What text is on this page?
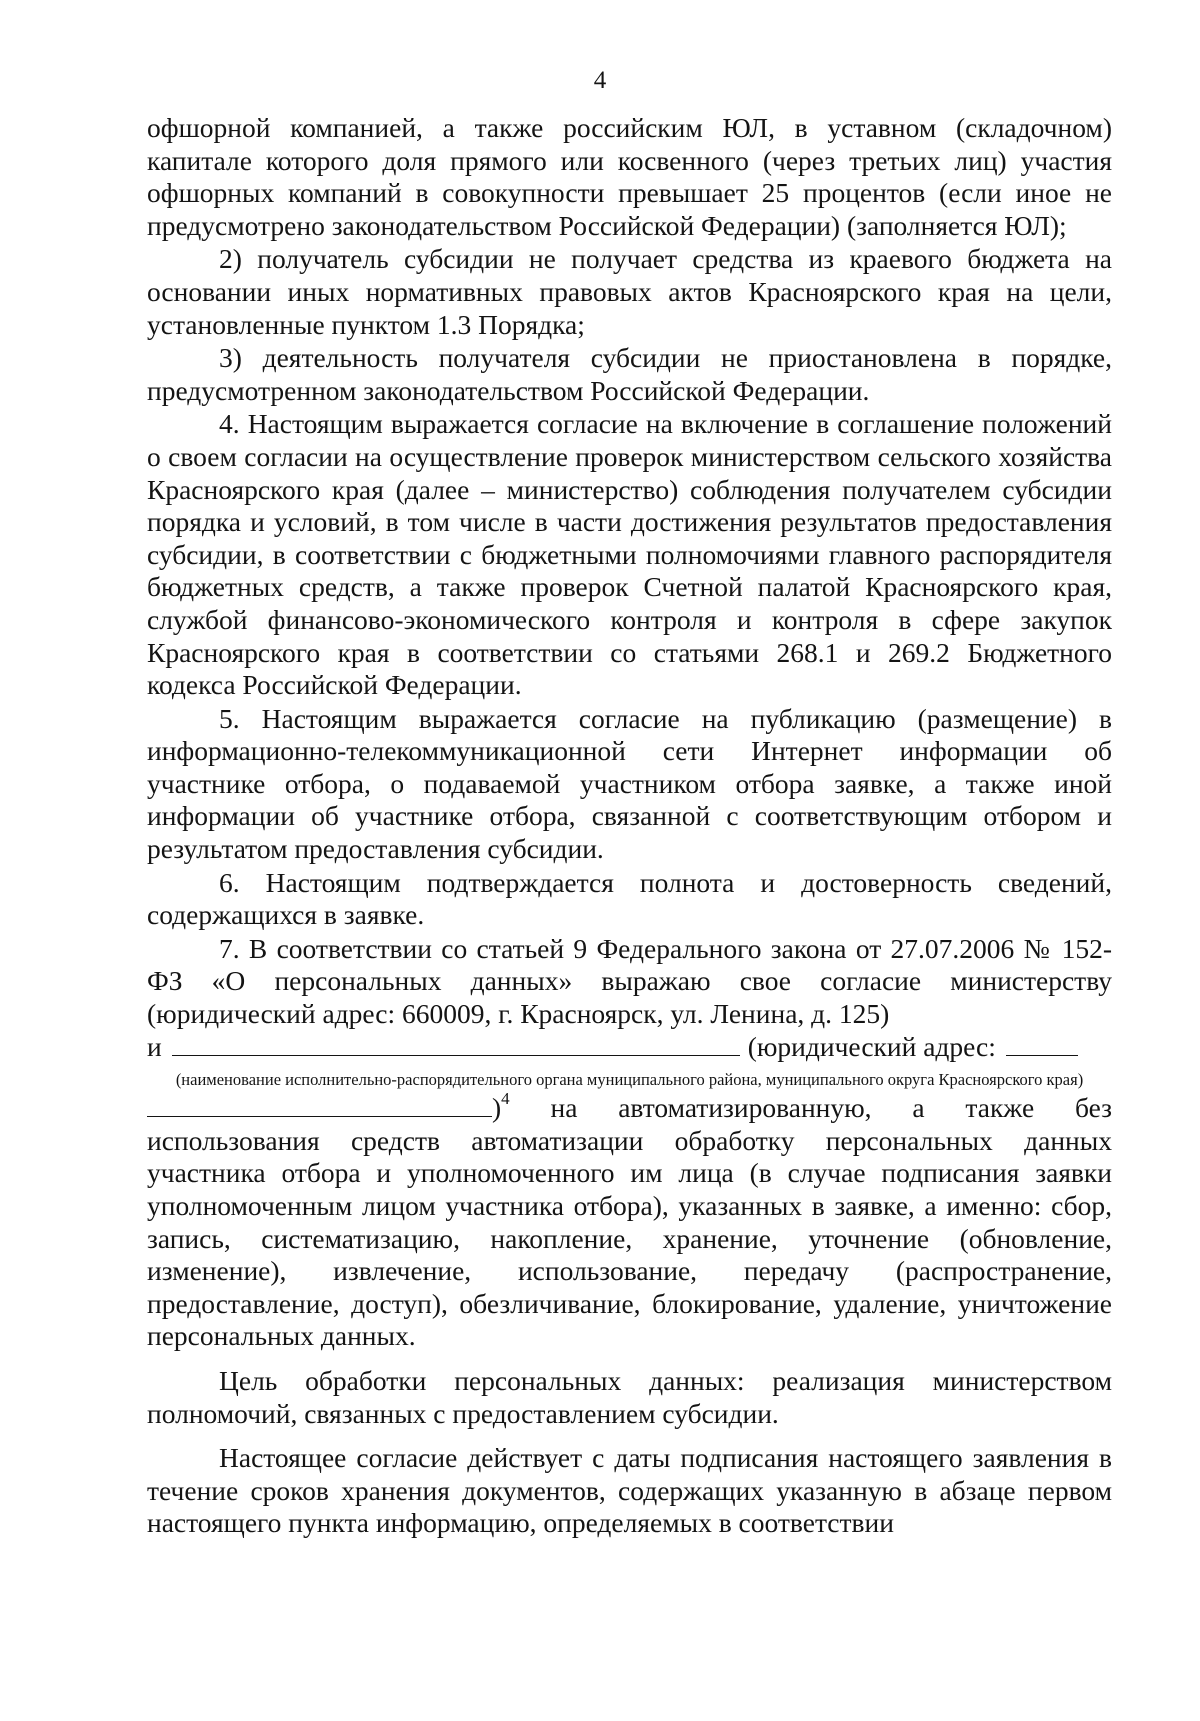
4

офшорной компанией, а также российским ЮЛ, в уставном (складочном) капитале которого доля прямого или косвенного (через третьих лиц) участия офшорных компаний в совокупности превышает 25 процентов (если иное не предусмотрено законодательством Российской Федерации) (заполняется ЮЛ);

2) получатель субсидии не получает средства из краевого бюджета на основании иных нормативных правовых актов Красноярского края на цели, установленные пунктом 1.3 Порядка;

3) деятельность получателя субсидии не приостановлена в порядке, предусмотренном законодательством Российской Федерации.

4. Настоящим выражается согласие на включение в соглашение положений о своем согласии на осуществление проверок министерством сельского хозяйства Красноярского края (далее – министерство) соблюдения получателем субсидии порядка и условий, в том числе в части достижения результатов предоставления субсидии, в соответствии с бюджетными полномочиями главного распорядителя бюджетных средств, а также проверок Счетной палатой Красноярского края, службой финансово-экономического контроля и контроля в сфере закупок Красноярского края в соответствии со статьями 268.1 и 269.2 Бюджетного кодекса Российской Федерации.

5. Настоящим выражается согласие на публикацию (размещение) в информационно-телекоммуникационной сети Интернет информации об участнике отбора, о подаваемой участником отбора заявке, а также иной информации об участнике отбора, связанной с соответствующим отбором и результатом предоставления субсидии.

6. Настоящим подтверждается полнота и достоверность сведений, содержащихся в заявке.

7. В соответствии со статьей 9 Федерального закона от 27.07.2006 № 152-ФЗ «О персональных данных» выражаю свое согласие министерству (юридический адрес: 660009, г. Красноярск, ул. Ленина, д. 125)

и	(юридический адрес:
(наименование исполнительно-распорядительного органа муниципального района, муниципального округа Красноярского края)

)$^4$ на автоматизированную, а также без использования средств автоматизации обработку персональных данных участника отбора и уполномоченного им лица (в случае подписания заявки уполномоченным лицом участника отбора), указанных в заявке, а именно: сбор, запись, систематизацию, накопление, хранение, уточнение (обновление, изменение), извлечение, использование, передачу (распространение, предоставление, доступ), обезличивание, блокирование, удаление, уничтожение персональных данных.

Цель обработки персональных данных: реализация министерством полномочий, связанных с предоставлением субсидии.

Настоящее согласие действует с даты подписания настоящего заявления в течение сроков хранения документов, содержащих указанную в абзаце первом настоящего пункта информацию, определяемых в соответствии
